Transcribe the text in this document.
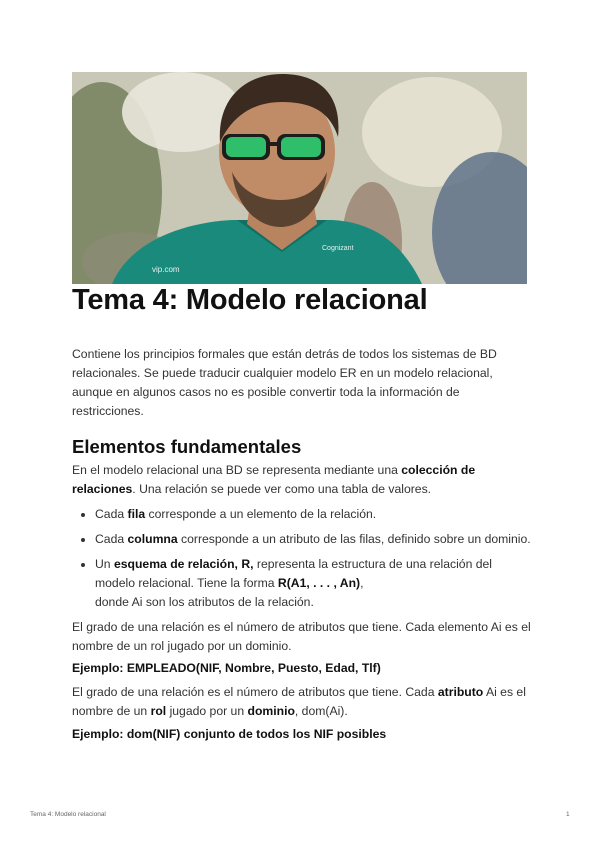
vip.com
Cognizant
Tema 4: Modelo relacional

Contiene los principios formales que están detrás de todos los sistemas de BD relacionales. Se puede traducir cualquier modelo ER en un modelo relacional, aunque en algunos casos no es posible convertir toda la información de restricciones.

Elementos fundamentales

En el modelo relacional una BD se representa mediante una colección de relaciones. Una relación se puede ver como una tabla de valores.

Cada fila corresponde a un elemento de la relación.
Cada columna corresponde a un atributo de las filas, definido sobre un dominio.
Un esquema de relación, R, representa la estructura de una relación del modelo relacional. Tiene la forma R(A1, . . . , An),
donde Ai son los atributos de la relación.

El grado de una relación es el número de atributos que tiene. Cada elemento Ai es el nombre de un rol jugado por un dominio.

Ejemplo: EMPLEADO(NIF, Nombre, Puesto, Edad, Tlf)

El grado de una relación es el número de atributos que tiene. Cada atributo Ai es el nombre de un rol jugado por un dominio, dom(Ai).

Ejemplo: dom(NIF) conjunto de todos los NIF posibles

Tema 4: Modelo relacional	1
